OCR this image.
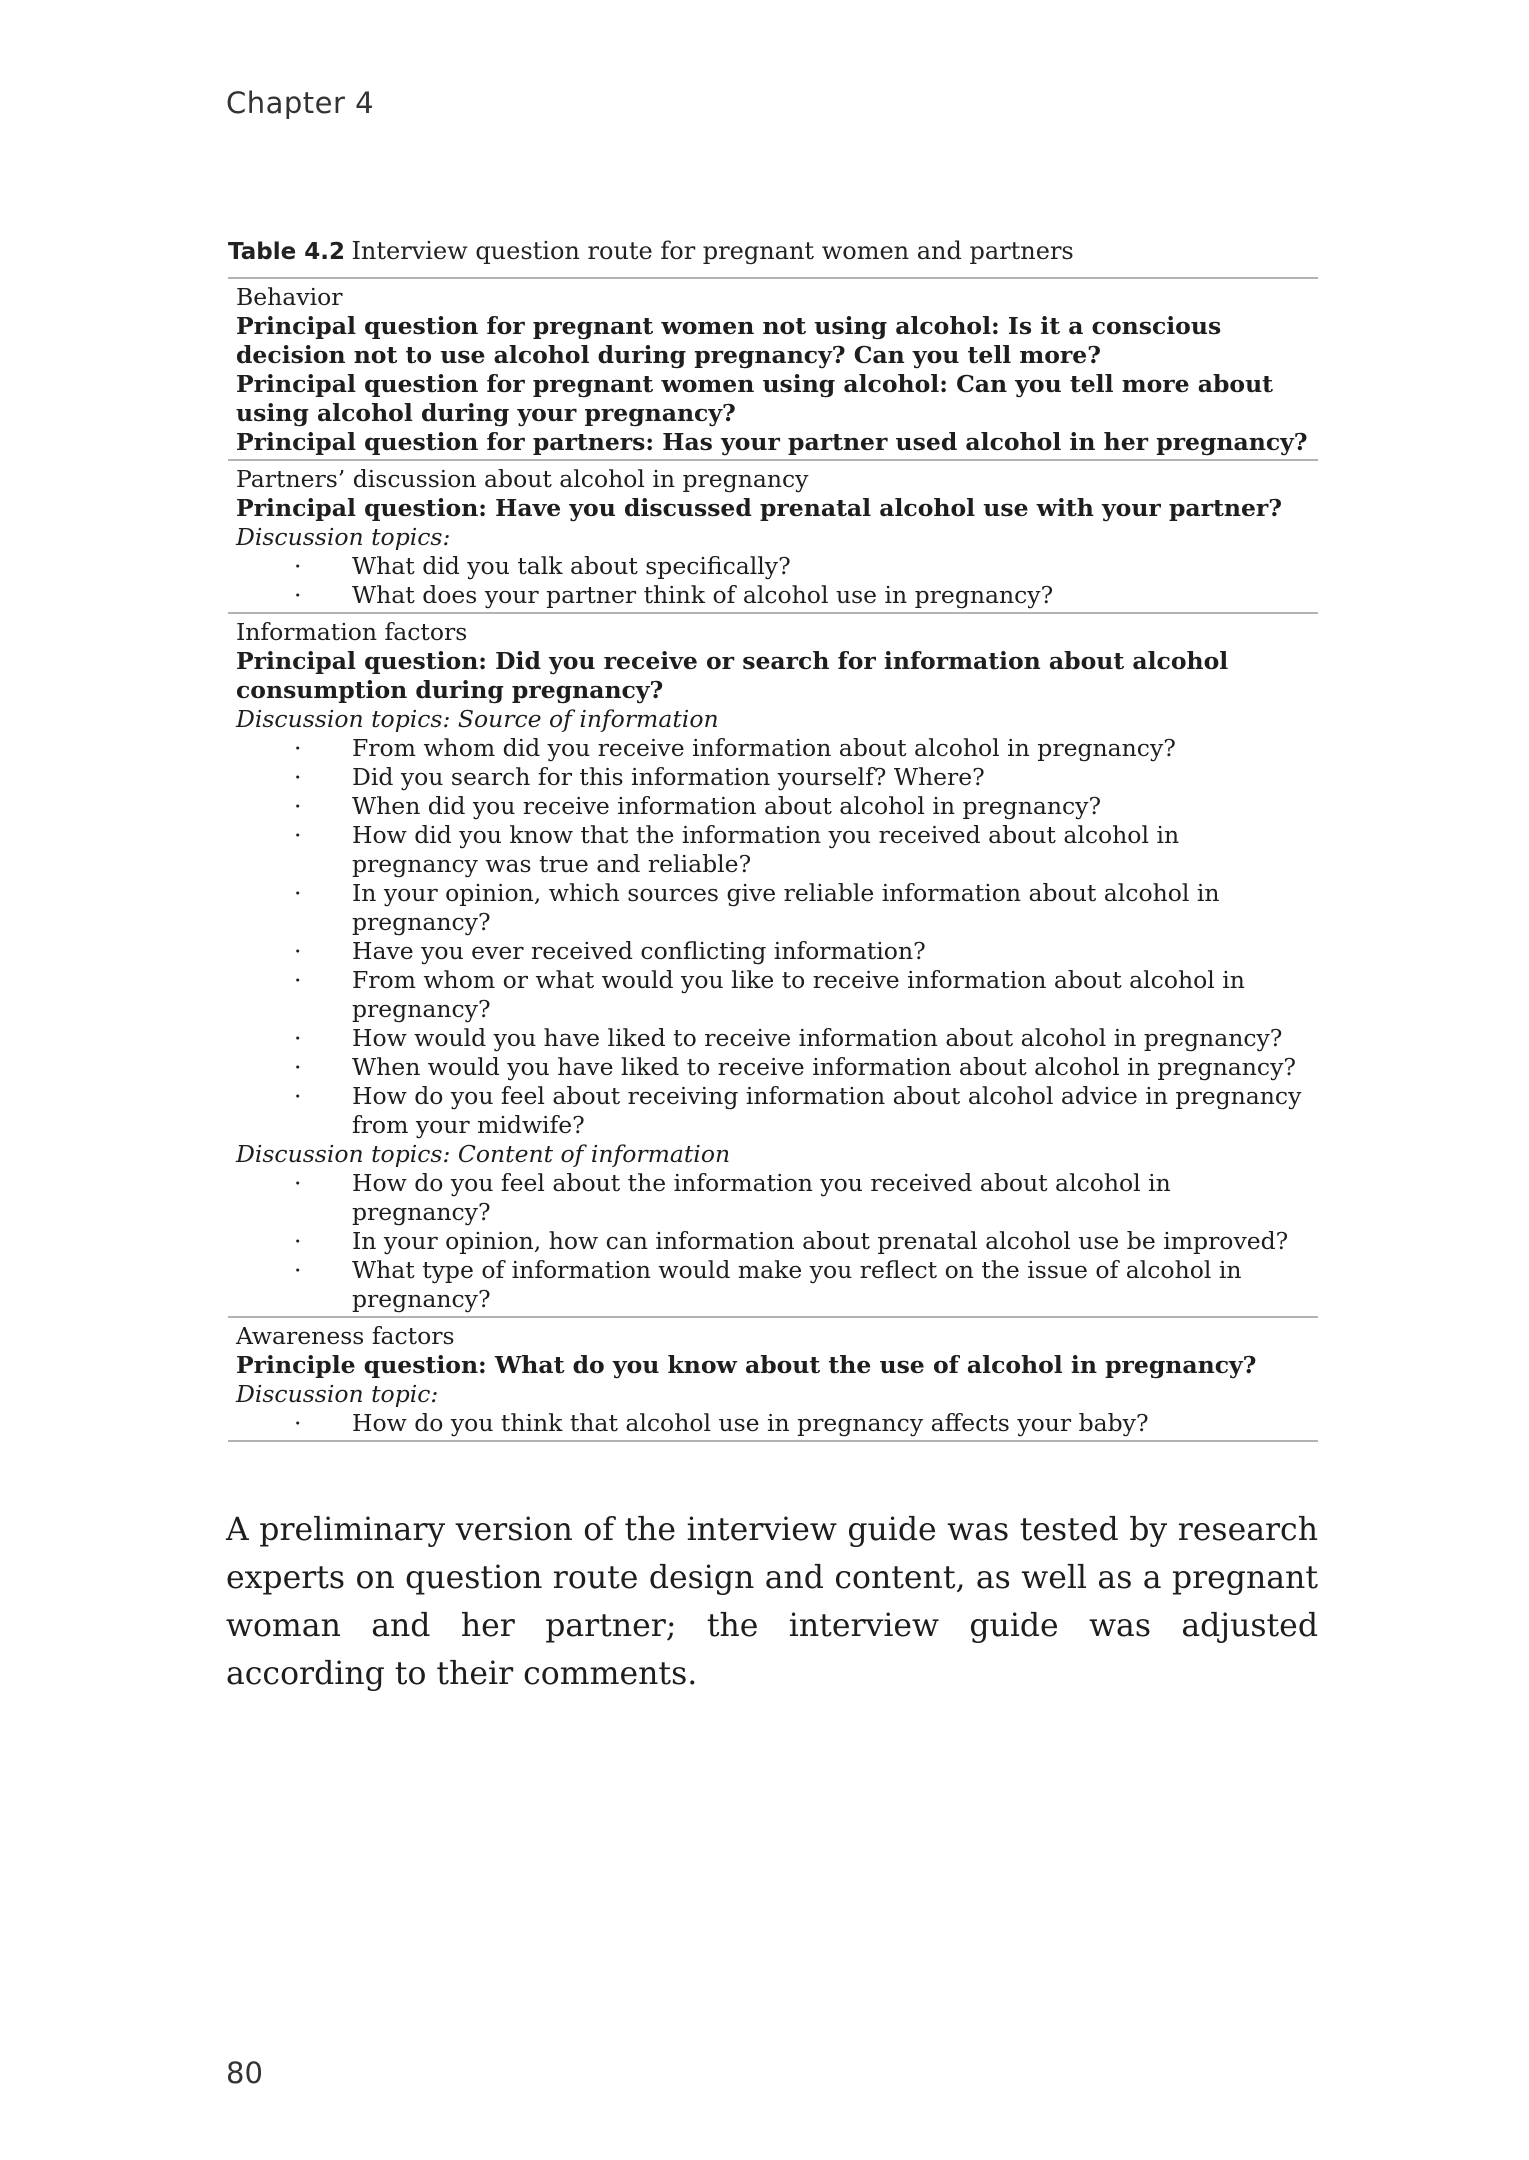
Chapter 4
Table 4.2 Interview question route for pregnant women and partners
Behavior
Principal question for pregnant women not using alcohol: Is it a conscious decision not to use alcohol during pregnancy? Can you tell more?
Principal question for pregnant women using alcohol: Can you tell more about using alcohol during your pregnancy?
Principal question for partners: Has your partner used alcohol in her pregnancy?
Partners’ discussion about alcohol in pregnancy
Principal question: Have you discussed prenatal alcohol use with your partner?
Discussion topics:
· What did you talk about specifically?
· What does your partner think of alcohol use in pregnancy?
Information factors
Principal question: Did you receive or search for information about alcohol consumption during pregnancy?
Discussion topics: Source of information
· From whom did you receive information about alcohol in pregnancy?
· Did you search for this information yourself? Where?
· When did you receive information about alcohol in pregnancy?
· How did you know that the information you received about alcohol in pregnancy was true and reliable?
· In your opinion, which sources give reliable information about alcohol in pregnancy?
· Have you ever received conflicting information?
· From whom or what would you like to receive information about alcohol in pregnancy?
· How would you have liked to receive information about alcohol in pregnancy?
· When would you have liked to receive information about alcohol in pregnancy?
· How do you feel about receiving information about alcohol advice in pregnancy from your midwife?
Discussion topics: Content of information
· How do you feel about the information you received about alcohol in pregnancy?
· In your opinion, how can information about prenatal alcohol use be improved?
· What type of information would make you reflect on the issue of alcohol in pregnancy?
Awareness factors
Principle question: What do you know about the use of alcohol in pregnancy?
Discussion topic:
· How do you think that alcohol use in pregnancy affects your baby?

A preliminary version of the interview guide was tested by research experts on question route design and content, as well as a pregnant woman and her partner; the interview guide was adjusted according to their comments.

80
